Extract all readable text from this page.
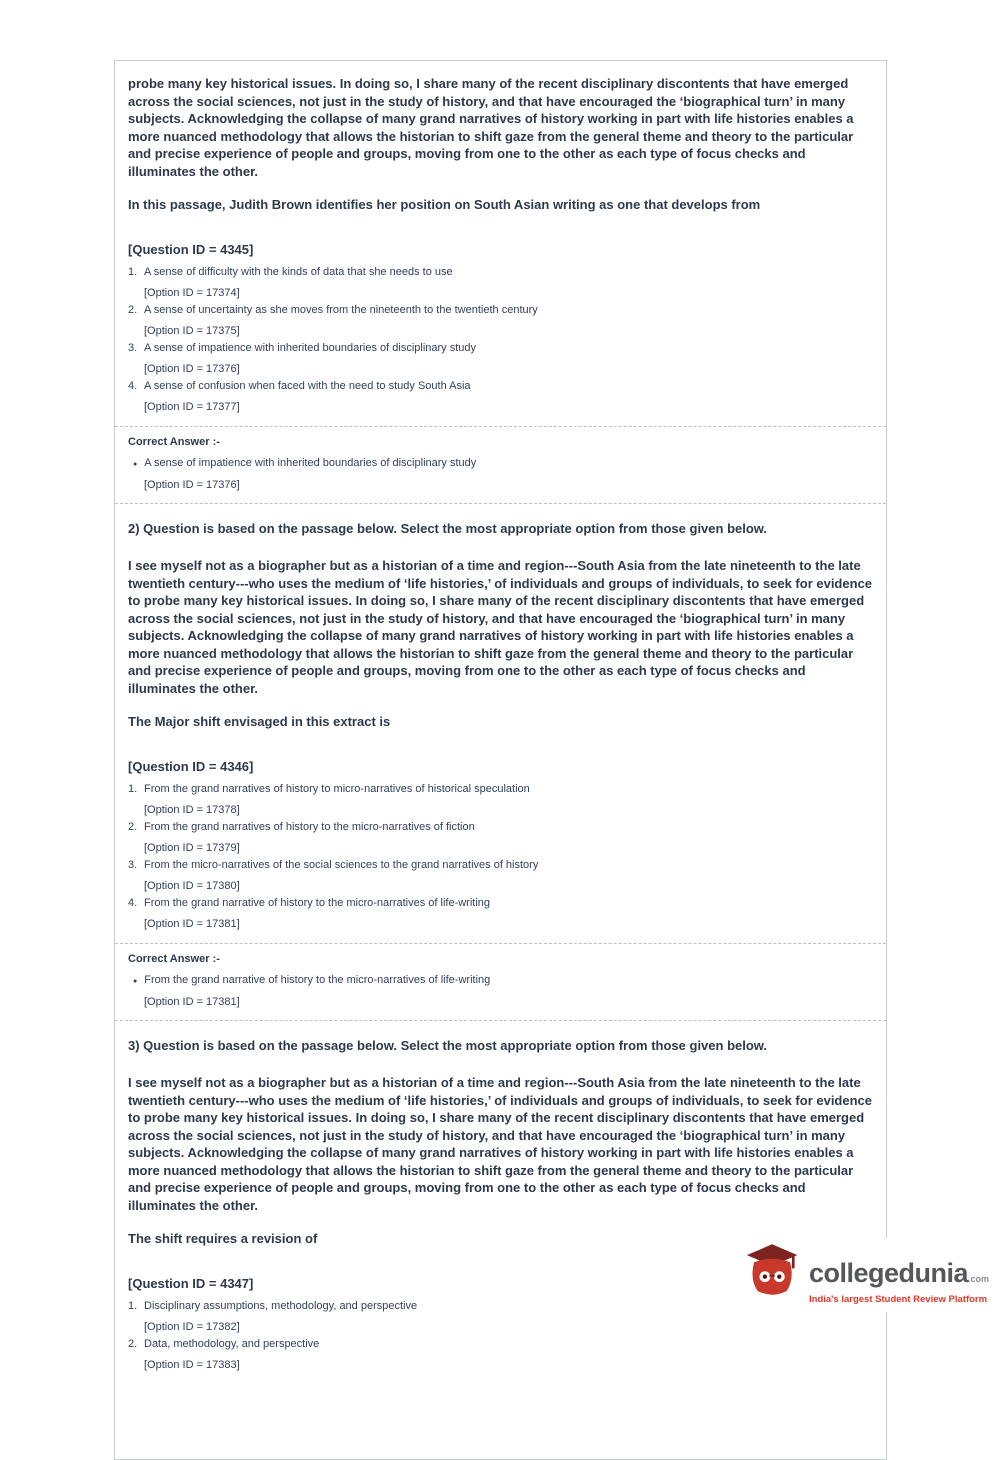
probe many key historical issues. In doing so, I share many of the recent disciplinary discontents that have emerged across the social sciences, not just in the study of history, and that have encouraged the ‘biographical turn’ in many subjects. Acknowledging the collapse of many grand narratives of history working in part with life histories enables a more nuanced methodology that allows the historian to shift gaze from the general theme and theory to the particular and precise experience of people and groups, moving from one to the other as each type of focus checks and illuminates the other.
In this passage, Judith Brown identifies her position on South Asian writing as one that develops from
[Question ID = 4345]
1. A sense of difficulty with the kinds of data that she needs to use
[Option ID = 17374]
2. A sense of uncertainty as she moves from the nineteenth to the twentieth century
[Option ID = 17375]
3. A sense of impatience with inherited boundaries of disciplinary study
[Option ID = 17376]
4. A sense of confusion when faced with the need to study South Asia
[Option ID = 17377]
Correct Answer :-
●
A sense of impatience with inherited boundaries of disciplinary study
[Option ID = 17376]
2) Question is based on the passage below. Select the most appropriate option from those given below.
I see myself not as a biographer but as a historian of a time and region---South Asia from the late nineteenth to the late twentieth century---who uses the medium of ‘life histories,’ of individuals and groups of individuals, to seek for evidence to probe many key historical issues. In doing so, I share many of the recent disciplinary discontents that have emerged across the social sciences, not just in the study of history, and that have encouraged the ‘biographical turn’ in many subjects. Acknowledging the collapse of many grand narratives of history working in part with life histories enables a more nuanced methodology that allows the historian to shift gaze from the general theme and theory to the particular and precise experience of people and groups, moving from one to the other as each type of focus checks and illuminates the other.
The Major shift envisaged in this extract is
[Question ID = 4346]
1. From the grand narratives of history to micro-narratives of historical speculation
[Option ID = 17378]
2. From the grand narratives of history to the micro-narratives of fiction
[Option ID = 17379]
3. From the micro-narratives of the social sciences to the grand narratives of history
[Option ID = 17380]
4. From the grand narrative of history to the micro-narratives of life-writing
[Option ID = 17381]
Correct Answer :-
●
From the grand narrative of history to the micro-narratives of life-writing
[Option ID = 17381]
3) Question is based on the passage below. Select the most appropriate option from those given below.
I see myself not as a biographer but as a historian of a time and region---South Asia from the late nineteenth to the late twentieth century---who uses the medium of ‘life histories,’ of individuals and groups of individuals, to seek for evidence to probe many key historical issues. In doing so, I share many of the recent disciplinary discontents that have emerged across the social sciences, not just in the study of history, and that have encouraged the ‘biographical turn’ in many subjects. Acknowledging the collapse of many grand narratives of history working in part with life histories enables a more nuanced methodology that allows the historian to shift gaze from the general theme and theory to the particular and precise experience of people and groups, moving from one to the other as each type of focus checks and illuminates the other.
The shift requires a revision of
[Question ID = 4347]
1. Disciplinary assumptions, methodology, and perspective
[Option ID = 17382]
2. Data, methodology, and perspective
[Option ID = 17383]
collegedunia.com
India's largest Student Review Platform
